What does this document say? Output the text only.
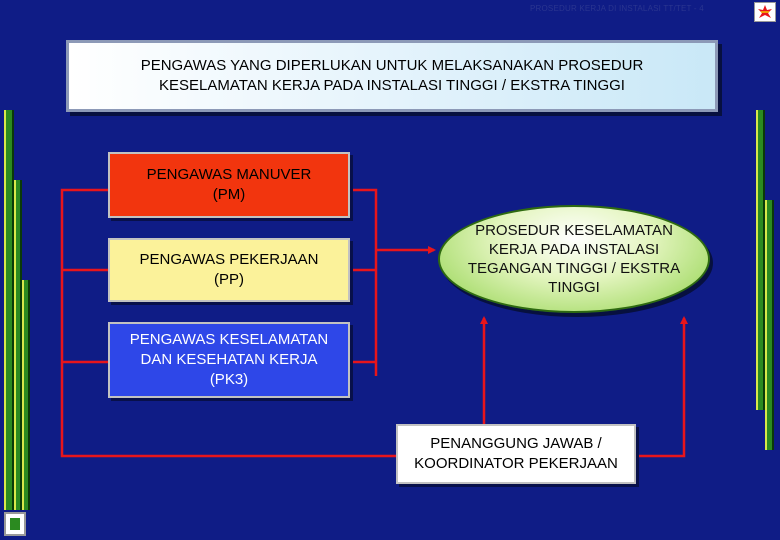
PROSEDUR KERJA DI INSTALASI TT/TET - 4
PENGAWAS YANG DIPERLUKAN UNTUK MELAKSANAKAN PROSEDUR
KESELAMATAN KERJA PADA INSTALASI TINGGI / EKSTRA TINGGI
PENGAWAS MANUVER
(PM)
PENGAWAS PEKERJAAN
(PP)
PENGAWAS KESELAMATAN
DAN KESEHATAN KERJA
(PK3)
PROSEDUR KESELAMATAN
KERJA PADA INSTALASI
TEGANGAN TINGGI / EKSTRA
TINGGI
PENANGGUNG JAWAB /
KOORDINATOR PEKERJAAN
